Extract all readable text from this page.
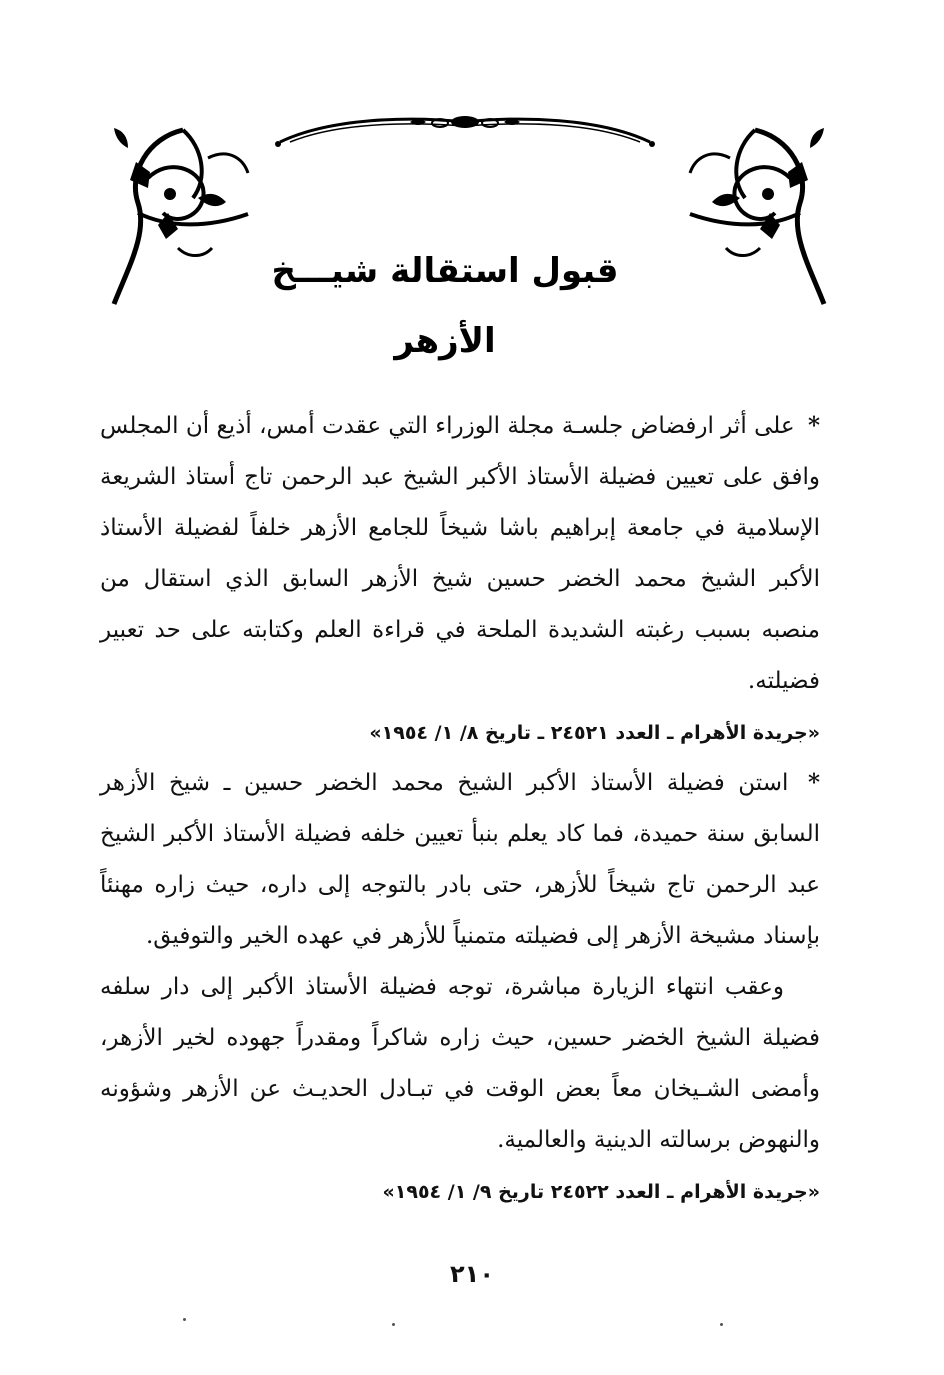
قبول استقالة شيـــخ الأزهر

* على أثر ارفضاض جلسـة مجلة الوزراء التي عقدت أمس، أذيع أن المجلس وافق على تعيين فضيلة الأستاذ الأكبر الشيخ عبد الرحمن تاج أستاذ الشريعة الإسلامية في جامعة إبراهيم باشا شيخاً للجامع الأزهر خلفاً لفضيلة الأستاذ الأكبر الشيخ محمد الخضر حسين شيخ الأزهر السابق الذي استقال من منصبه بسبب رغبته الشديدة الملحة في قراءة العلم وكتابته على حد تعبير فضيلته.

«جريدة الأهرام ـ العدد ٢٤٥٢١ ـ تاريخ ٨/ ١/ ١٩٥٤»

* استن فضيلة الأستاذ الأكبر الشيخ محمد الخضر حسين ـ شيخ الأزهر السابق سنة حميدة، فما كاد يعلم بنبأ تعيين خلفه فضيلة الأستاذ الأكبر الشيخ عبد الرحمن تاج شيخاً للأزهر، حتى بادر بالتوجه إلى داره، حيث زاره مهنئاً بإسناد مشيخة الأزهر إلى فضيلته متمنياً للأزهر في عهده الخير والتوفيق.

وعقب انتهاء الزيارة مباشرة، توجه فضيلة الأستاذ الأكبر إلى دار سلفه فضيلة الشيخ الخضر حسين، حيث زاره شاكراً ومقدراً جهوده لخير الأزهر، وأمضى الشـيخان معاً بعض الوقت في تبـادل الحديـث عن الأزهر وشؤونه والنهوض برسالته الدينية والعالمية.

«جريدة الأهرام ـ العدد ٢٤٥٢٢ تاريخ ٩/ ١/ ١٩٥٤»
٢١٠
